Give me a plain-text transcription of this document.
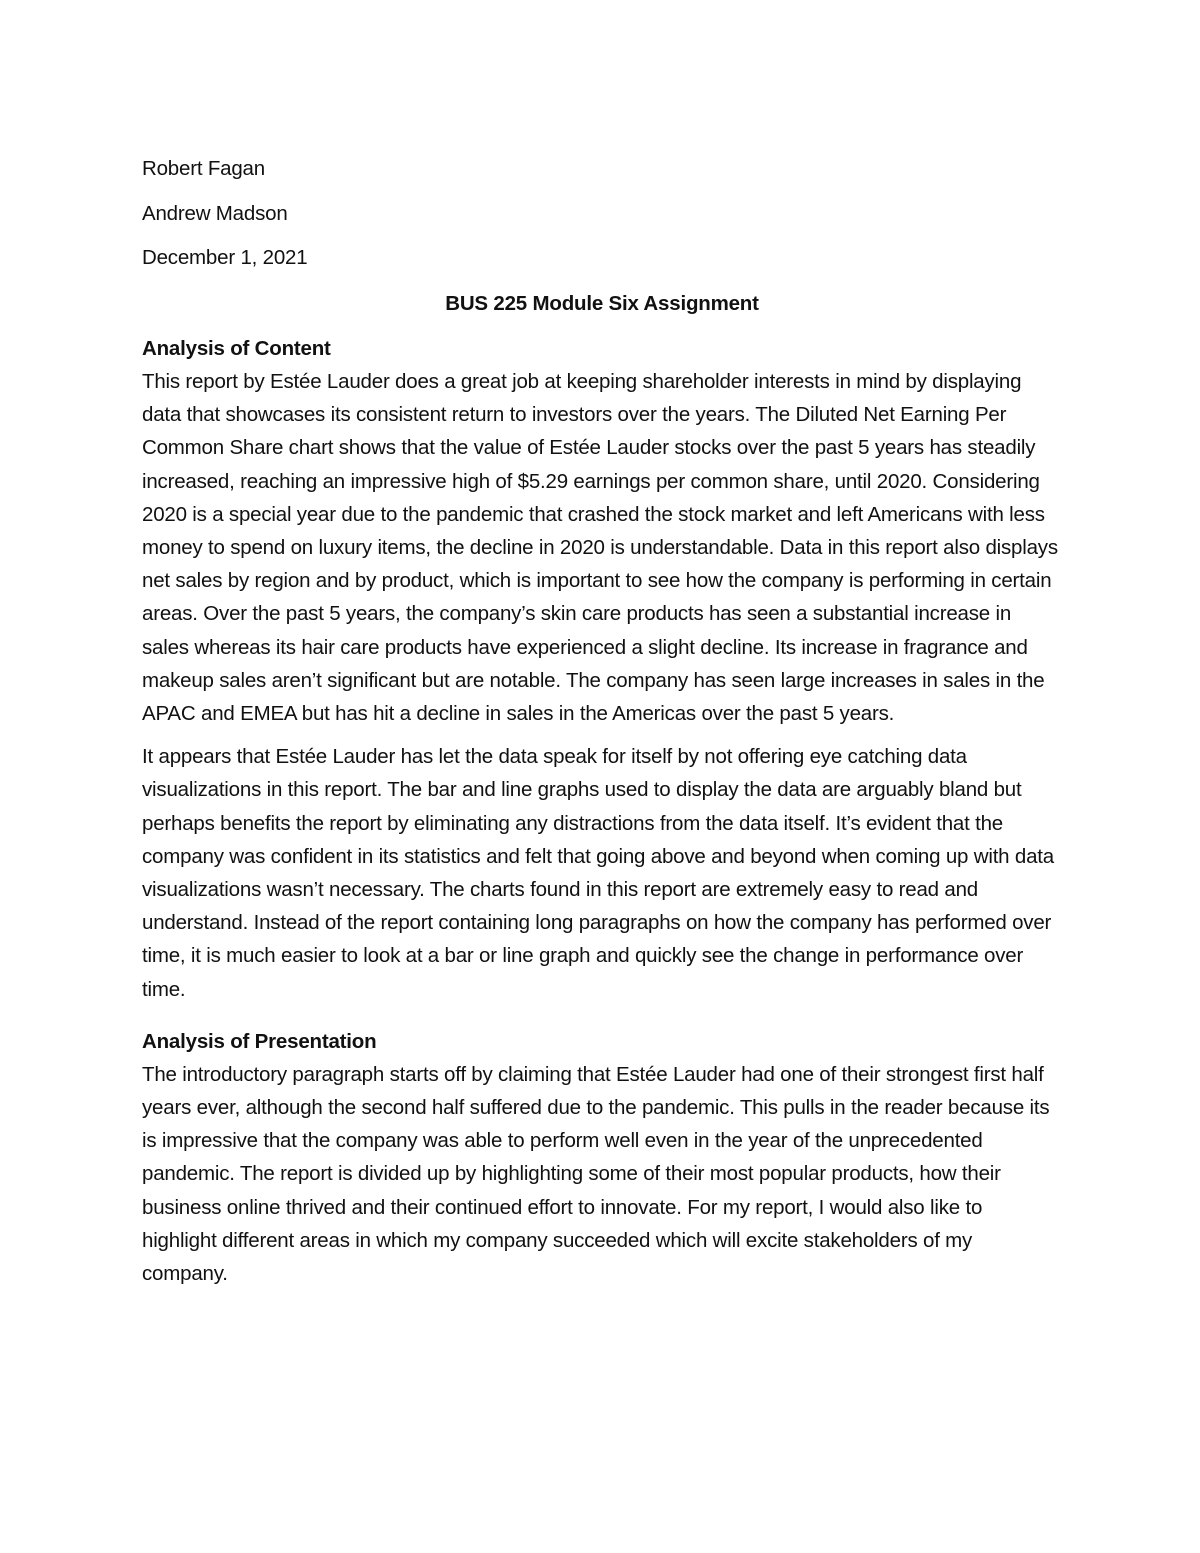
Robert Fagan
Andrew Madson
December 1, 2021
BUS 225 Module Six Assignment
Analysis of Content

This report by Estée Lauder does a great job at keeping shareholder interests in mind by displaying data that showcases its consistent return to investors over the years. The Diluted Net Earning Per Common Share chart shows that the value of Estée Lauder stocks over the past 5 years has steadily increased, reaching an impressive high of $5.29 earnings per common share, until 2020. Considering 2020 is a special year due to the pandemic that crashed the stock market and left Americans with less money to spend on luxury items, the decline in 2020 is understandable. Data in this report also displays net sales by region and by product, which is important to see how the company is performing in certain areas. Over the past 5 years, the company’s skin care products has seen a substantial increase in sales whereas its hair care products have experienced a slight decline. Its increase in fragrance and makeup sales aren’t significant but are notable. The company has seen large increases in sales in the APAC and EMEA but has hit a decline in sales in the Americas over the past 5 years.

It appears that Estée Lauder has let the data speak for itself by not offering eye catching data visualizations in this report. The bar and line graphs used to display the data are arguably bland but perhaps benefits the report by eliminating any distractions from the data itself. It’s evident that the company was confident in its statistics and felt that going above and beyond when coming up with data visualizations wasn’t necessary. The charts found in this report are extremely easy to read and understand. Instead of the report containing long paragraphs on how the company has performed over time, it is much easier to look at a bar or line graph and quickly see the change in performance over time.

Analysis of Presentation

The introductory paragraph starts off by claiming that Estée Lauder had one of their strongest first half years ever, although the second half suffered due to the pandemic. This pulls in the reader because its is impressive that the company was able to perform well even in the year of the unprecedented pandemic. The report is divided up by highlighting some of their most popular products, how their business online thrived and their continued effort to innovate. For my report, I would also like to highlight different areas in which my company succeeded which will excite stakeholders of my company.
